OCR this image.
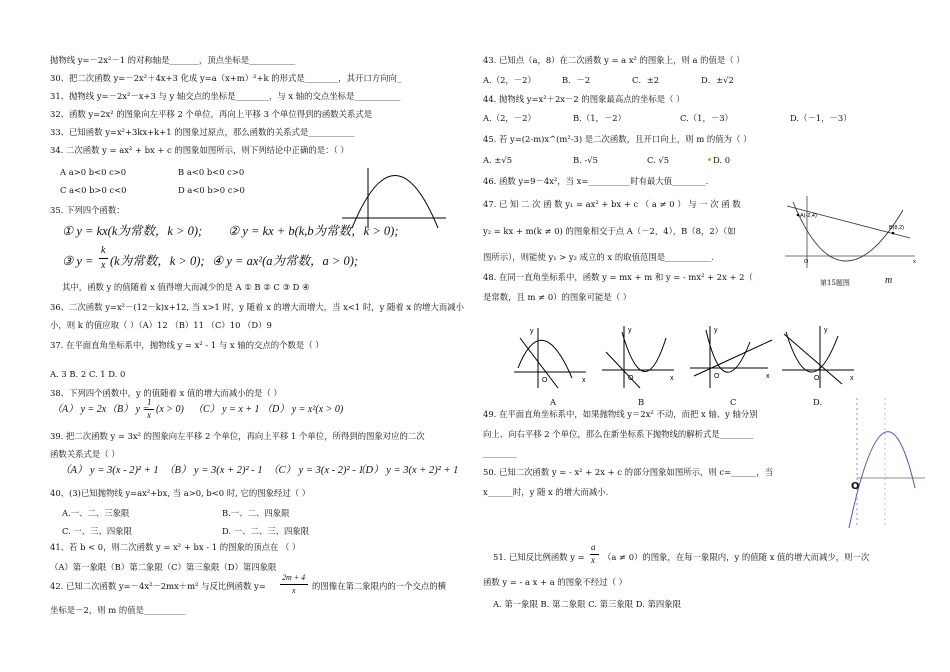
抛物线 y=－2x²－1 的对称轴是_______，顶点坐标是___________
30、把二次函数 y=－2x²＋4x+3 化成 y=a（x+m）²+k 的形式是________，其开口方向向_
31、抛物线 y=－2x²－x+3 与 y 轴交点的坐标是________，与 x 轴的交点坐标是___________
32、函数 y=2x² 的图象向左平移 2 个单位，再向上平移 3 个单位得到的函数关系式是
33、已知函数 y=x²+3kx+k+1 的图象过原点，那么函数的关系式是___________
34. 二次函数 y = ax² + bx + c 的图象如图所示，则下列结论中正确的是：（ ）
A a>0 b<0 c>0	B a<0 b<0 c>0
C a<0 b>0 c<0	D a<0 b>0 c>0
35. 下列四个函数：
① y = kx(k为常数，k > 0); ② y = kx + b(k,b为常数，k > 0);
③ y =
k
x (k为常数，k > 0); ④ y = ax²(a为常数，a > 0);
其中，函数 y 的值随着 x 值得增大而减少的是 A ① B ② C ③ D ④
36、二次函数 y=x²－(12－k)x+12, 当 x>1 时，y 随着 x 的增大而增大，当 x<1 时，y 随着 x 的增大而减小
小，则 k 的值应取（ ）（A）12 （B）11 （C）10 （D）9
37. 在平面直角坐标系中，抛物线 y = x² - 1 与 x 轴的交点的个数是（ ）
A. 3 B. 2 C. 1 D. 0
38、下列四个函数中，y 的值随着 x 值的增大而减小的是（ ）
（A） y = 2x （B） y =
1
x (x > 0) （C） y = x + 1 （D） y = x²(x > 0)
39. 把二次函数 y = 3x² 的图象向左平移 2 个单位，再向上平移 1 个单位，所得到的图象对应的二次
函数关系式是（ ）
（A） y = 3(x - 2)² + 1 （B） y = 3(x + 2)² - 1 （C） y = 3(x - 2)² - 1
（D） y = 3(x + 2)² + 1
40、(3)已知抛物线 y=ax²+bx, 当 a>0, b<0 时, 它的图象经过（ ）
A.一、二、三象限	B.一、二、四象限
C. 一、三、四象限	D. 一、二、三、四象限
41、若 b < 0，则二次函数 y = x² + bx - 1 的图象的顶点在 （ ）
（A）第一象限（B）第二象限（C）第三象限（D）第四象限
42. 已知二次函数 y=－4x²－2mx＋m² 与反比例函数 y=
2m + 4
x 的图像在第二象限内的一个交点的横
坐标是－2，则 m 的值是__________
43. 已知点（a，8）在二次函数 y = a x² 的图象上，则 a 的值是（ ）
A.（2，－2）	B．－2	C．±2	D．±√2
44. 抛物线 y=x²＋2x－2 的图象最高点的坐标是（ ）
A.（2，－2）	B.（1，－2）	C.（1，－3）	D.（－1，－3）
45. 若 y=(2-m)x^(m²-3) 是二次函数，且开口向上，则 m 的值为（ ）
A. ±√5	B. -√5	C. √5	D. 0
46. 函数 y=9－4x²，当 x=__________时有最大值________.
47. 已 知 二 次 函 数 y₁ = ax² + bx + c （ a ≠ 0 ） 与 一 次 函 数
y₂ = kx + m(k ≠ 0) 的图象相交于点 A（－2，4），B（8，2）（如
图所示），则能使 y₁ > y₂ 成立的 x 的取值范围是___________.
A(-2,4)
B(8,2)
O	x
第15题图	m
48. 在同一直角坐标系中，函数 y = mx + m 和 y = - mx² + 2x + 2（
是常数，且 m ≠ 0）的图象可能是（ ）
y
O	x
y
O	x
y
O	x
y
O	x
A	B	C	D.
49. 在平面直角坐标系中，如果抛物线 y＝2x² 不动，而把 x 轴、y 轴分别
向上、向右平移 2 个单位，那么在新坐标系下抛物线的解析式是________
________
50. 已知二次函数 y = - x² + 2x + c 的部分图象如图所示，则 c=______，当
x______时，y 随 x 的增大而减小.	O
51. 已知反比例函数 y =
a
x （a ≠ 0）的图象，在每一象限内，y 的值随 x 值的增大而减少，则一次
函数 y = - a x + a 的图象不经过（ ）
A. 第一象限 B. 第二象限 C. 第三象限 D. 第四象限
